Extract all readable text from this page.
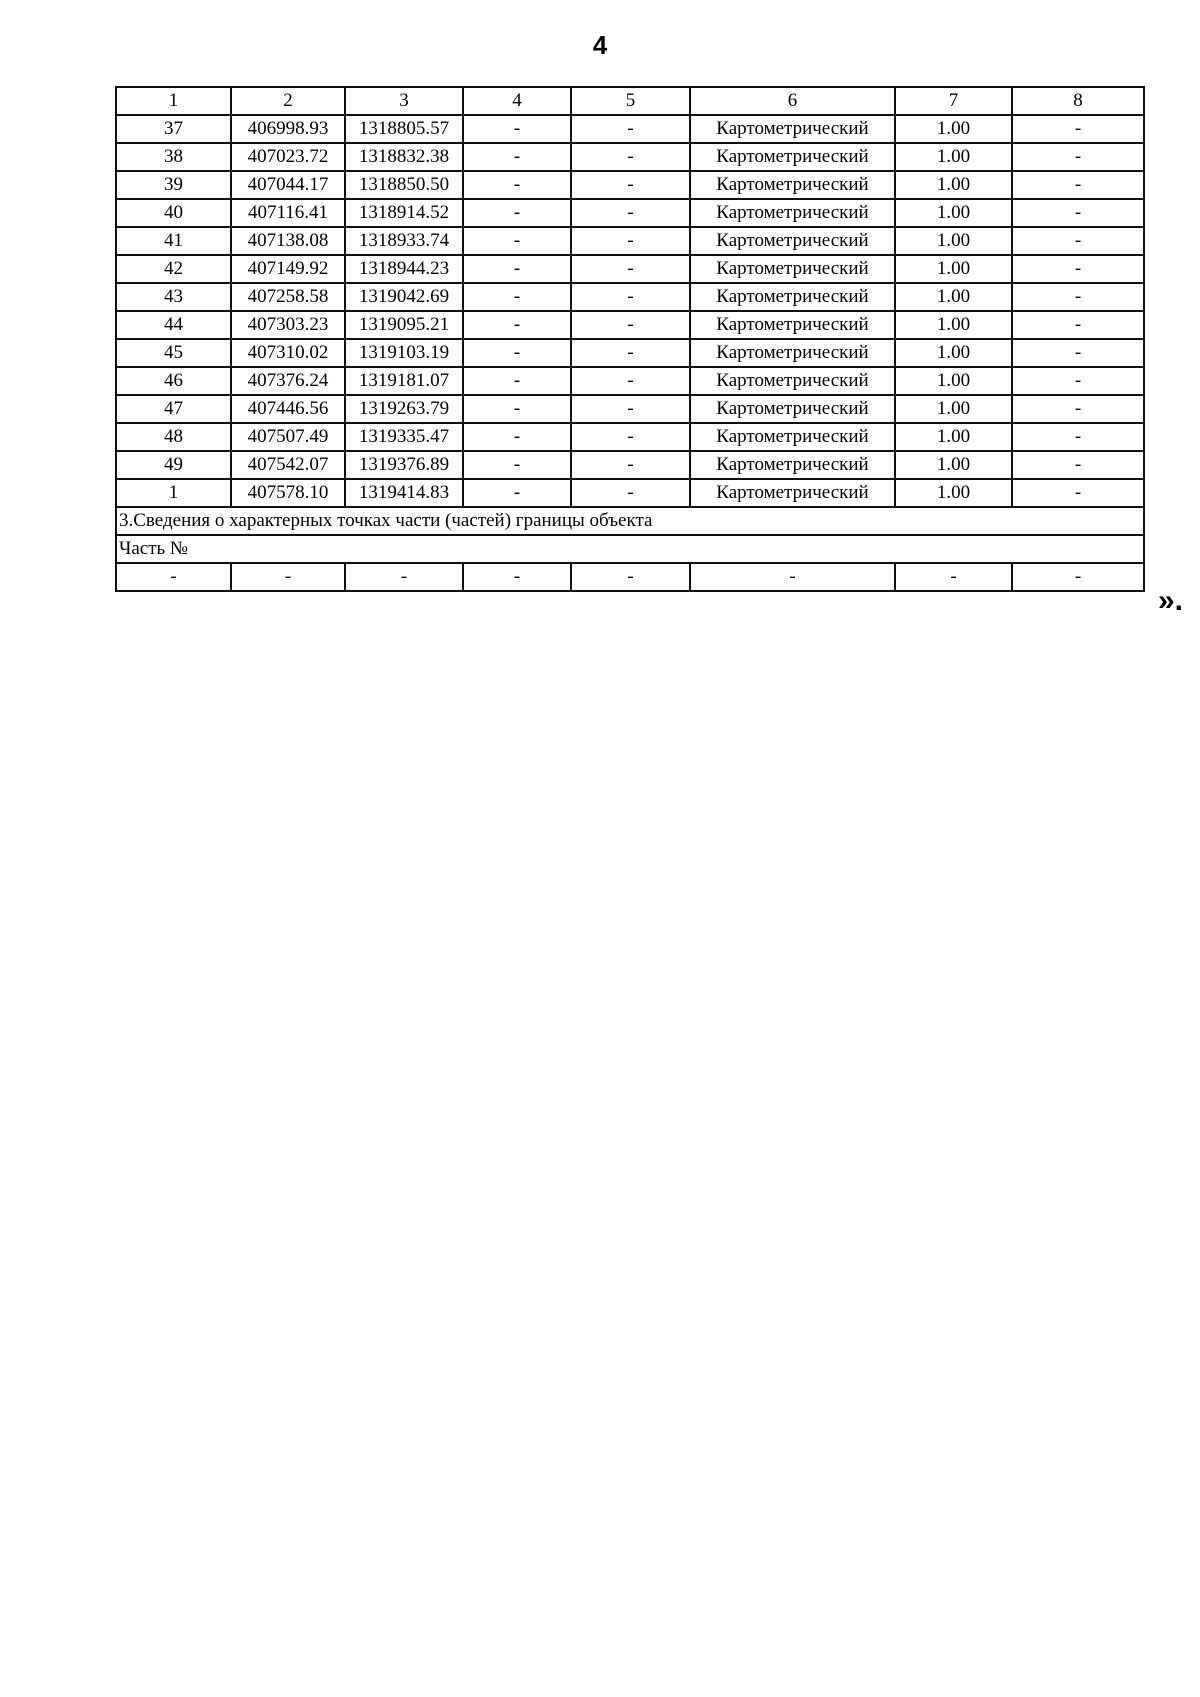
4
1	2	3	4	5	6	7	8
37	406998.93	1318805.57	-	-	Картометрический	1.00	-
38	407023.72	1318832.38	-	-	Картометрический	1.00	-
39	407044.17	1318850.50	-	-	Картометрический	1.00	-
40	407116.41	1318914.52	-	-	Картометрический	1.00	-
41	407138.08	1318933.74	-	-	Картометрический	1.00	-
42	407149.92	1318944.23	-	-	Картометрический	1.00	-
43	407258.58	1319042.69	-	-	Картометрический	1.00	-
44	407303.23	1319095.21	-	-	Картометрический	1.00	-
45	407310.02	1319103.19	-	-	Картометрический	1.00	-
46	407376.24	1319181.07	-	-	Картометрический	1.00	-
47	407446.56	1319263.79	-	-	Картометрический	1.00	-
48	407507.49	1319335.47	-	-	Картометрический	1.00	-
49	407542.07	1319376.89	-	-	Картометрический	1.00	-
1	407578.10	1319414.83	-	-	Картометрический	1.00	-
3.Сведения о характерных точках части (частей) границы объекта							
Часть №							
-	-	-	-	-	-	-	-
».
